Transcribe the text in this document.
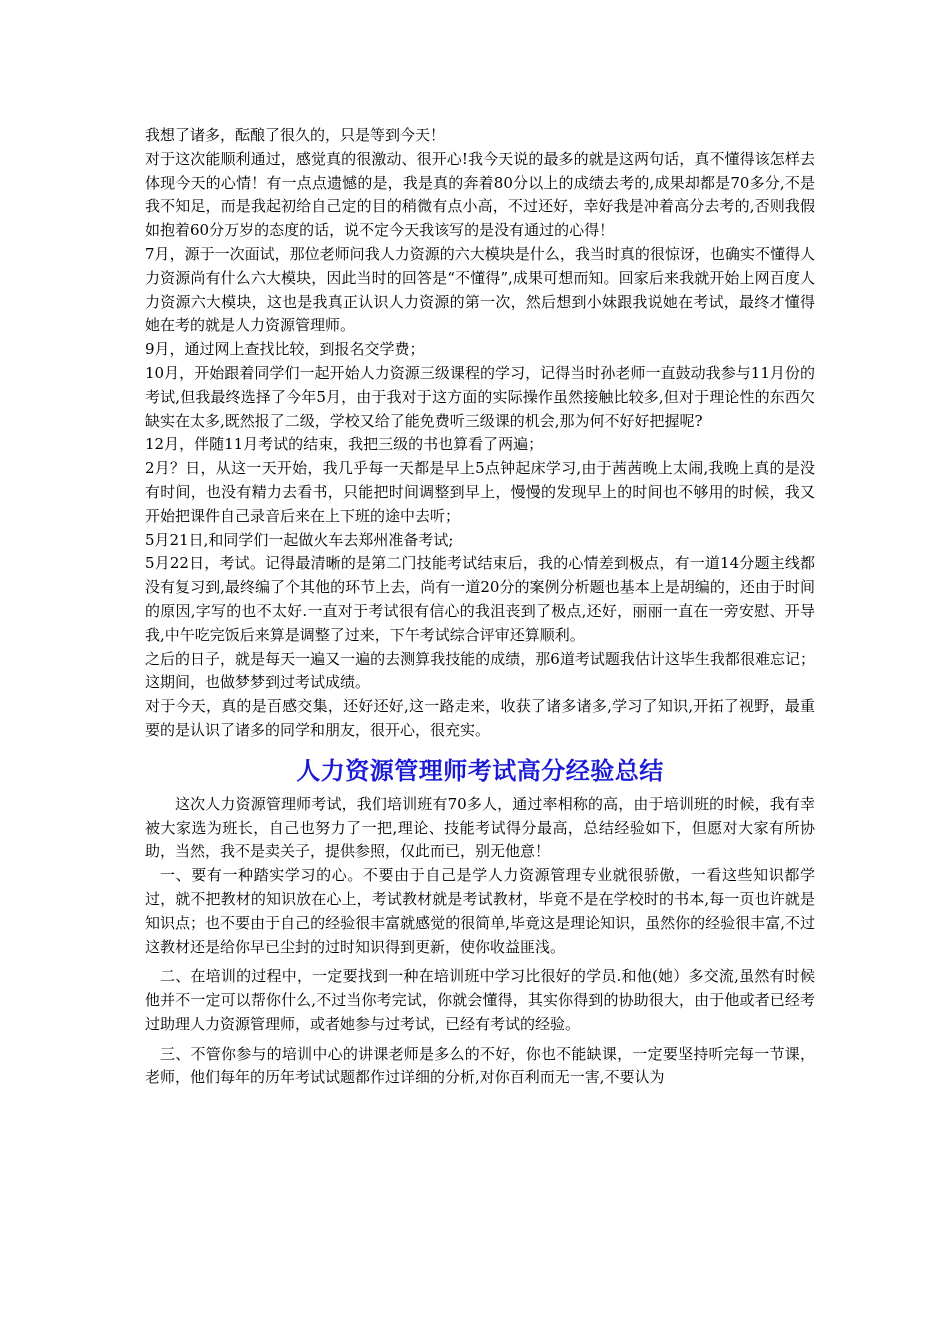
我想了诸多，酝酿了很久的，只是等到今天！

对于这次能顺利通过，感觉真的很激动、很开心!我今天说的最多的就是这两句话，真不懂得该怎样去体现今天的心情！有一点点遗憾的是，我是真的奔着80分以上的成绩去考的,成果却都是70多分,不是我不知足，而是我起初给自己定的目的稍微有点小高，不过还好，幸好我是冲着高分去考的,否则我假如抱着60分万岁的态度的话，说不定今天我该写的是没有通过的心得！

7月，源于一次面试，那位老师问我人力资源的六大模块是什么，我当时真的很惊讶，也确实不懂得人力资源尚有什么六大模块，因此当时的回答是“不懂得”,成果可想而知。回家后来我就开始上网百度人力资源六大模块，这也是我真正认识人力资源的第一次，然后想到小妹跟我说她在考试，最终才懂得她在考的就是人力资源管理师。

9月，通过网上查找比较，到报名交学费；

10月，开始跟着同学们一起开始人力资源三级课程的学习，记得当时孙老师一直鼓动我参与11月份的考试,但我最终选择了今年5月，由于我对于这方面的实际操作虽然接触比较多,但对于理论性的东西欠缺实在太多,既然报了二级，学校又给了能免费听三级课的机会,那为何不好好把握呢?

12月，伴随11月考试的结束，我把三级的书也算看了两遍；

2月？日，从这一天开始，我几乎每一天都是早上5点钟起床学习,由于茜茜晚上太闹,我晚上真的是没有时间，也没有精力去看书，只能把时间调整到早上，慢慢的发现早上的时间也不够用的时候，我又开始把课件自己录音后来在上下班的途中去听；

5月21日,和同学们一起做火车去郑州准备考试;

5月22日，考试。记得最清晰的是第二门技能考试结束后，我的心情差到极点，有一道14分题主线都没有复习到,最终编了个其他的环节上去，尚有一道20分的案例分析题也基本上是胡编的，还由于时间的原因,字写的也不太好.一直对于考试很有信心的我沮丧到了极点,还好，丽丽一直在一旁安慰、开导我,中午吃完饭后来算是调整了过来，下午考试综合评审还算顺利。

之后的日子，就是每天一遍又一遍的去测算我技能的成绩，那6道考试题我估计这毕生我都很难忘记；这期间，也做梦梦到过考试成绩。

对于今天，真的是百感交集，还好还好,这一路走来，收获了诸多诸多,学习了知识,开拓了视野，最重要的是认识了诸多的同学和朋友，很开心，很充实。

人力资源管理师考试高分经验总结

这次人力资源管理师考试，我们培训班有70多人，通过率相称的高，由于培训班的时候，我有幸被大家选为班长，自己也努力了一把,理论、技能考试得分最高，总结经验如下，但愿对大家有所协助，当然，我不是卖关子，提供参照，仅此而已，别无他意！

一、要有一种踏实学习的心。不要由于自己是学人力资源管理专业就很骄傲，一看这些知识都学过，就不把教材的知识放在心上，考试教材就是考试教材，毕竟不是在学校时的书本,每一页也许就是知识点；也不要由于自己的经验很丰富就感觉的很简单,毕竟这是理论知识，虽然你的经验很丰富,不过这教材还是给你早已尘封的过时知识得到更新，使你收益匪浅。

二、在培训的过程中，一定要找到一种在培训班中学习比很好的学员.和他(她）多交流,虽然有时候他并不一定可以帮你什么,不过当你考完试，你就会懂得，其实你得到的协助很大，由于他或者已经考过助理人力资源管理师，或者她参与过考试，已经有考试的经验。

三、不管你参与的培训中心的讲课老师是多么的不好，你也不能缺课，一定要坚持听完每一节课，老师，他们每年的历年考试试题都作过详细的分析,对你百利而无一害,不要认为
